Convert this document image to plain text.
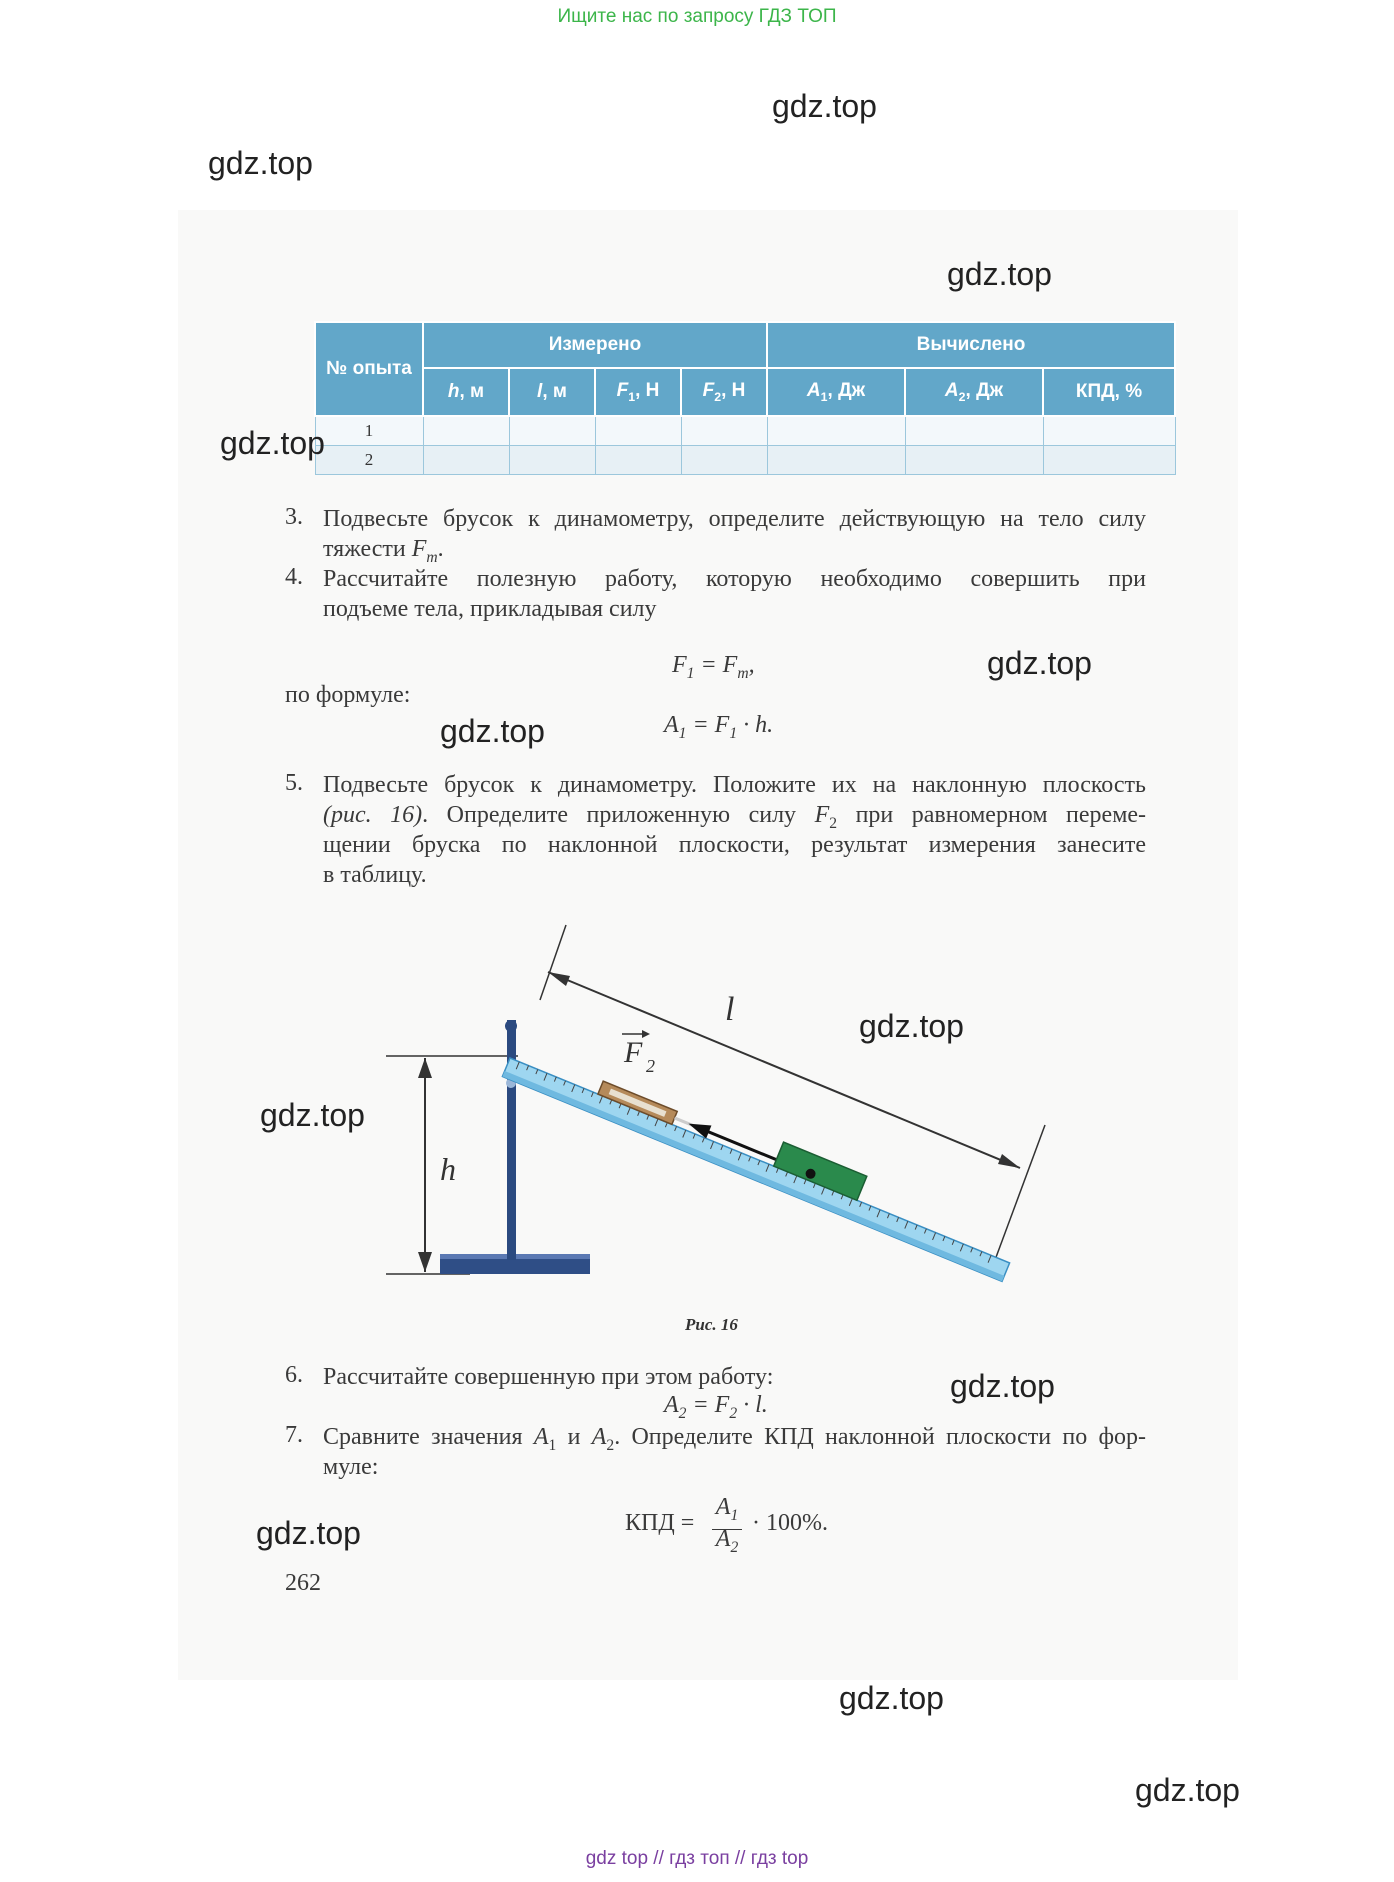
Ищите нас по запросу ГДЗ ТОП
№ опыта	Измерено				Вычислено		
	h, м	l, м	$F_1$, Н	$F_2$, Н	$A_1$, Дж	$A_2$, Дж	КПД, %
1							
2							
3. Подвесьте брусок к динамометру, определите действующую на тело силу
тяжести $F_т$.
4. Рассчитайте полезную работу, которую необходимо совершить при
подъеме тела, прикладывая силу
$F_1 = F_т$,
по формуле:
$A_1 = F_1 \cdot h$.
5. Подвесьте брусок к динамометру. Положите их на наклонную плоскость
(рис. 16). Определите приложенную силу $F_2$ при равномерном переме-
щении бруска по наклонной плоскости, результат измерения занесите
в таблицу.
l
h
F 2
Рис. 16
6. Рассчитайте совершенную при этом работу:
$A_2 = F_2 \cdot l$.
7. Сравните значения $A_1$ и $A_2$. Определите КПД наклонной плоскости по фор-
муле:
КПД =
$A_1$
$A_2$
· 100%.
262
gdz.top
gdz.top
gdz.top
gdz.top
gdz.top
gdz.top
gdz.top
gdz.top
gdz.top
gdz.top
gdz.top
gdz.top
gdz top // гдз топ // гдз top
